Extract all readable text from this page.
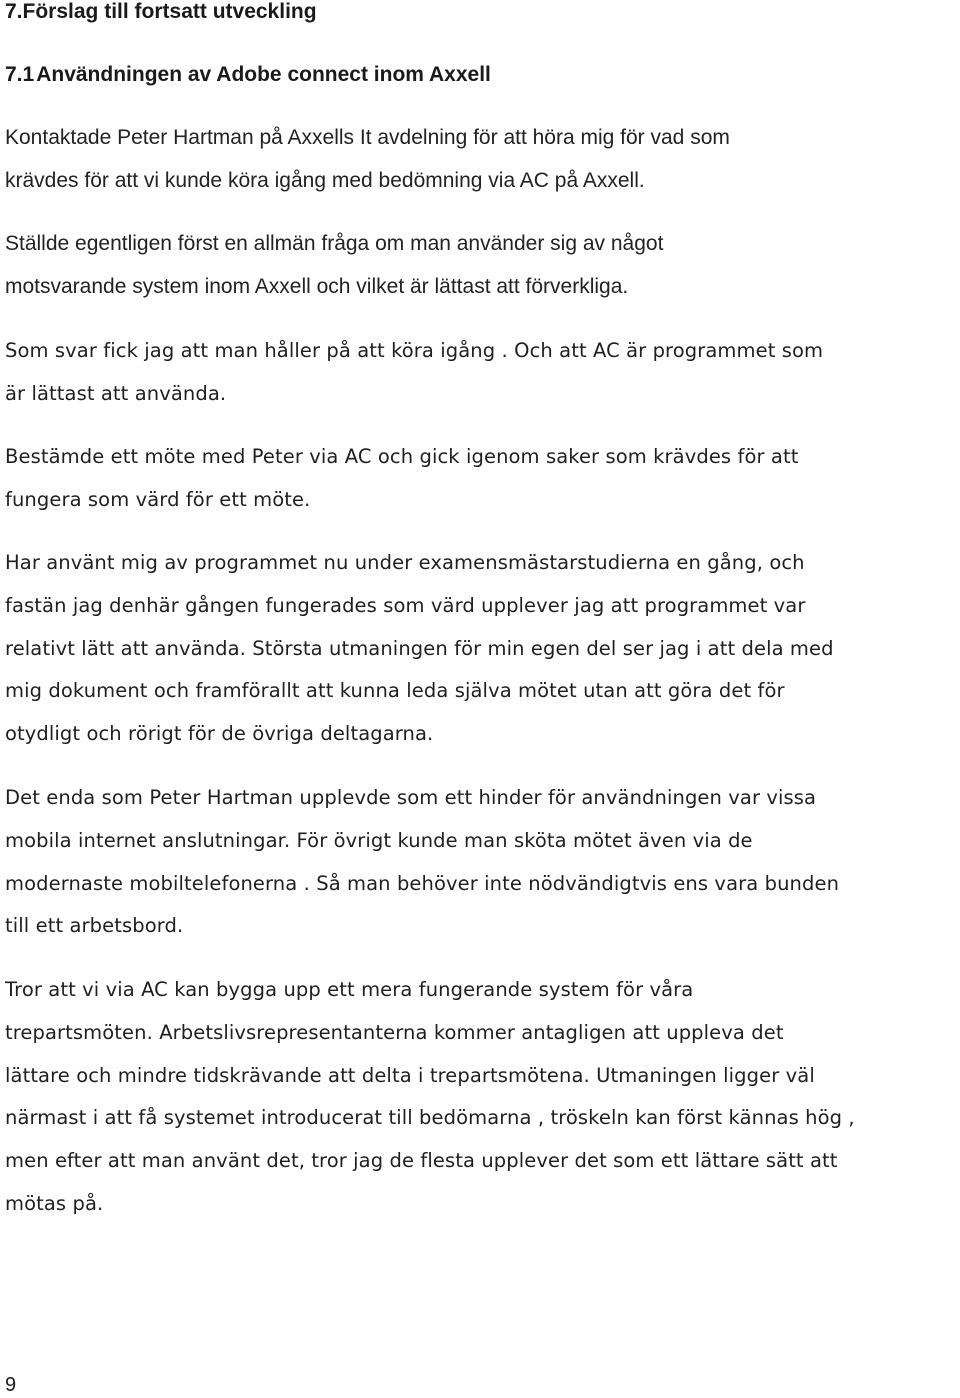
7.Förslag till fortsatt utveckling
7.1Användningen av Adobe connect inom Axxell
Kontaktade Peter Hartman på Axxells It avdelning för att höra mig för vad som
krävdes för att vi kunde köra igång med bedömning via AC på Axxell.
Ställde egentligen först en allmän fråga om man använder sig av något
motsvarande system inom Axxell och vilket är lättast att förverkliga.
Som svar fick jag att man håller på att köra igång . Och att AC är programmet som
är lättast att använda.
Bestämde ett möte med Peter via AC och gick igenom saker som krävdes för att
fungera som värd för ett möte.
Har använt mig av programmet nu under examensmästarstudierna en gång, och
fastän jag denhär gången fungerades som värd upplever jag att programmet var
relativt lätt att använda. Största utmaningen för min egen del ser jag i att dela med
mig dokument och framförallt att kunna leda själva mötet utan att göra det för
otydligt och rörigt för de övriga deltagarna.
Det enda som Peter Hartman upplevde som ett hinder för användningen var vissa
mobila internet anslutningar. För övrigt kunde man sköta mötet även via de
modernaste mobiltelefonerna . Så man behöver inte nödvändigtvis ens vara bunden
till ett arbetsbord.
Tror att vi via AC kan bygga upp ett mera fungerande system för våra
trepartsmöten. Arbetslivsrepresentanterna kommer antagligen att uppleva det
lättare och mindre tidskrävande att delta i trepartsmötena. Utmaningen ligger väl
närmast i att få systemet introducerat till bedömarna , tröskeln kan först kännas hög ,
men efter att man använt det, tror jag de flesta upplever det som ett lättare sätt att
mötas på.
9
